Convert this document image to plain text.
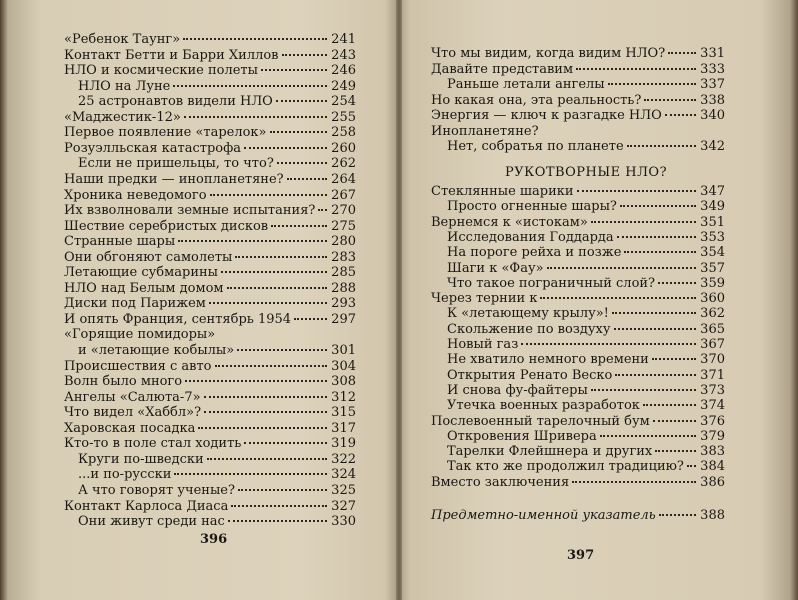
«Ребенок Таунг»	241
Контакт Бетти и Барри Хиллов	243
НЛО и космические полеты	246
НЛО на Луне	249
25 астронавтов видели НЛО	254
«Маджестик-12»	255
Первое появление «тарелок»	258
Розуэлльская катастрофа	260
Если не пришельцы, то что?	262
Наши предки — инопланетяне?	264
Хроника неведомого	267
Их взволновали земные испытания? 270
Шествие серебристых дисков	275
Странные шары	280
Они обгоняют самолеты	283
Летающие субмарины	285
НЛО над Белым домом	288
Диски под Парижем	293
И опять Франция, сентябрь 1954	297
«Горящие помидоры»
и «летающие кобылы»	301
Происшествия с авто	304
Волн было много	308
Ангелы «Салюта-7»	312
Что видел «Хаббл»?	315
Харовская посадка	317
Кто-то в поле стал ходить	319
Круги по-шведски	322
...и по-русски	324
А что говорят ученые?	325
Контакт Карлоса Диаса	327
Они живут среди нас	330
396
Что мы видим, когда видим НЛО?	331
Давайте представим	333
Раньше летали ангелы	337
Но какая она, эта реальность?	338
Энергия — ключ к разгадке НЛО	340
Инопланетяне?
Нет, собратья по планете	342
Стеклянные шарики	347
Просто огненные шары?	349
Вернемся к «истокам»	351
Исследования Годдарда	353
На пороге рейха и позже	354
Шаги к «Фау»	357
Что такое пограничный слой?	359
Через тернии к	360
К «летающему крылу»!	362
Скольжение по воздуху	365
Новый газ	367
Не хватило немного времени	370
Открытия Ренато Веско	371
И снова фу-файтеры	373
Утечка военных разработок	374
Послевоенный тарелочный бум	376
Откровения Шривера	379
Тарелки Флейшнера и других	383
Так кто же продолжил традицию? 384
Вместо заключения	386
Предметно-именной указатель	388
397
РУКОТВОРНЫЕ НЛО?
